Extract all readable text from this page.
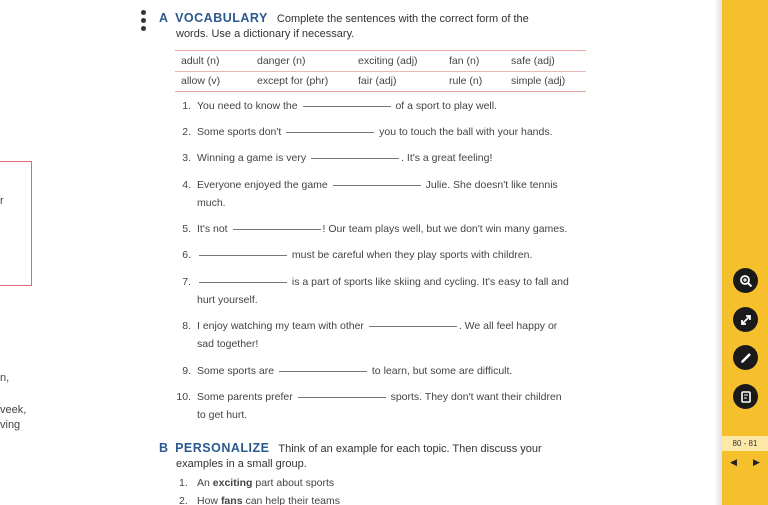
r
n,
veek,
ving
A VOCABULARY Complete the sentences with the correct form of the
words. Use a dictionary if necessary.
adult (n)	danger (n)	exciting (adj)	fan (n)	safe (adj)
allow (v)	except for (phr)	fair (adj)	rule (n)	simple (adj)
1. You need to know the	of a sport to play well.
2. Some sports don't	you to touch the ball with your hands.
3. Winning a game is very	. It's a great feeling!
4. Everyone enjoyed the game	Julie. She doesn't like tennis
much.
5. It's not	! Our team plays well, but we don't win many games.
6.	must be careful when they play sports with children.
7.	is a part of sports like skiing and cycling. It's easy to fall and
hurt yourself.
8. I enjoy watching my team with other	. We all feel happy or
sad together!
9. Some sports are	to learn, but some are difficult.
10. Some parents prefer	sports. They don't want their children
to get hurt.
B PERSONALIZE Think of an example for each topic. Then discuss your
examples in a small group.
1. An exciting part about sports
2. How fans can help their teams
80 - 81
◀ ▶
